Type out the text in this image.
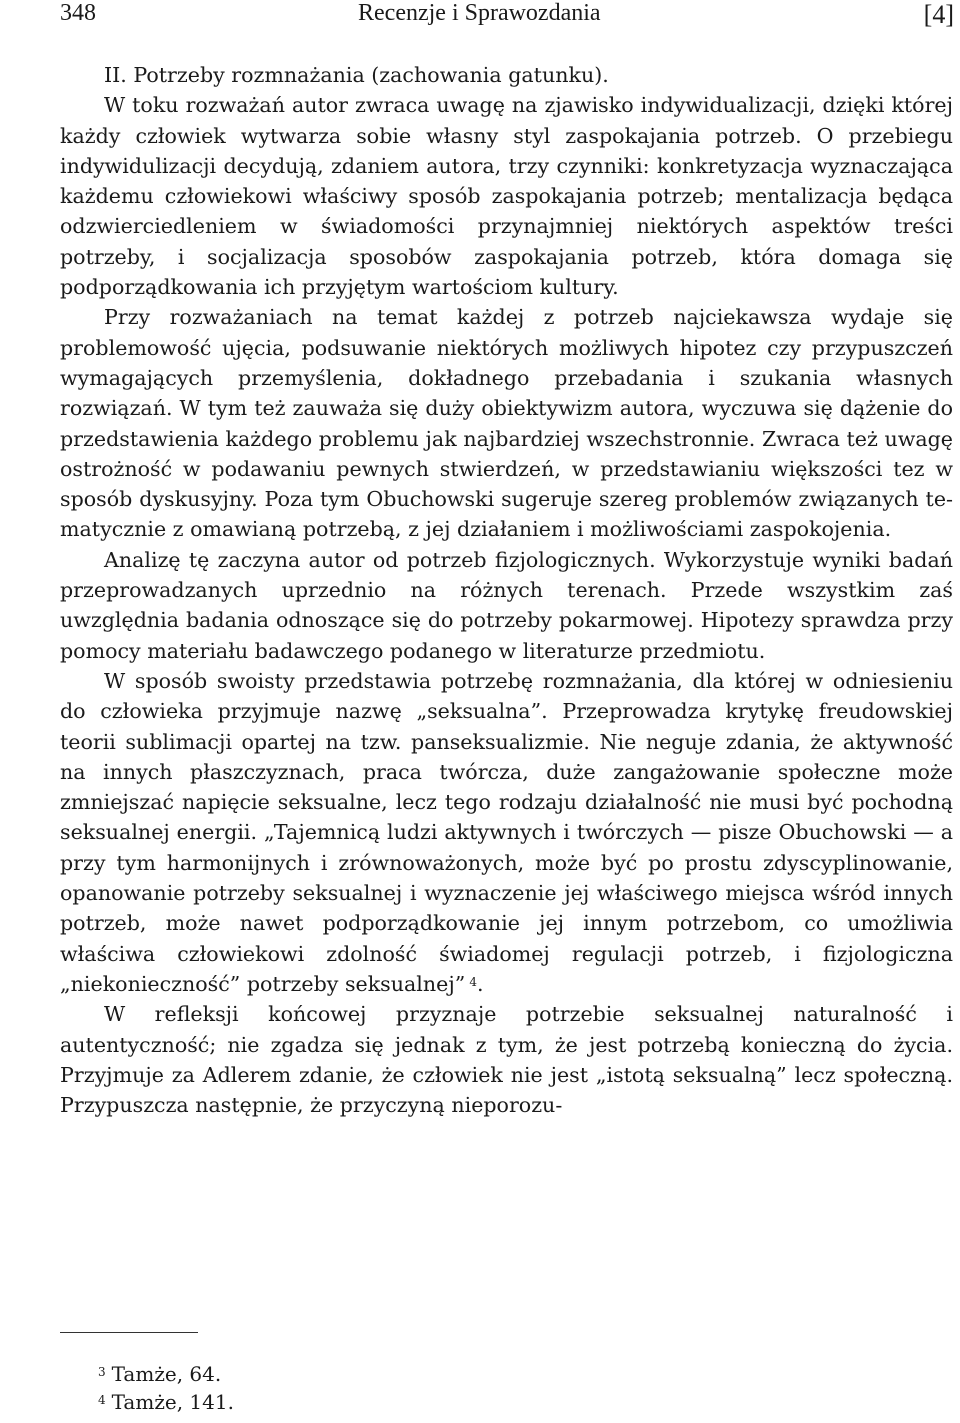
348	Recenzje i Sprawozdania	[4]

II. Potrzeby rozmnażania (zachowania gatunku).

W toku rozważań autor zwraca uwagę na zjawisko indywidualizacji, dzięki której każdy człowiek wytwarza sobie własny styl zaspokajania potrzeb. O przebiegu indywidulizacji decydują, zdaniem autora, trzy czynniki: konkretyzacja wyznaczająca każdemu człowiekowi właściwy sposób zaspokajania potrzeb; mentalizacja będąca odzwierciedleniem w świadomości przynajmniej niektórych aspektów treści potrzeby, i socjalizacja sposobów zaspokajania potrzeb, która domaga się podporządkowania ich przyjętym wartościom kultury.

Przy rozważaniach na temat każdej z potrzeb najciekawsza wydaje się problemowość ujęcia, podsuwanie niektórych możliwych hipotez czy przypuszczeń wymagających przemyślenia, dokładnego przebadania i szukania własnych rozwiązań. W tym też zauważa się duży obiektywizm autora, wyczuwa się dążenie do przedstawienia każdego problemu jak najbardziej wszechstronnie. Zwraca też uwagę ostrożność w podawaniu pewnych stwierdzeń, w przedstawianiu większości tez w sposób dyskusyjny. Poza tym Obuchowski sugeruje szereg problemów związanych tematycznie z omawianą potrzebą, z jej działaniem i możliwościami zaspokojenia.

Analizę tę zaczyna autor od potrzeb fizjologicznych. Wykorzystuje wyniki badań przeprowadzanych uprzednio na różnych terenach. Przede wszystkim zaś uwzględnia badania odnoszące się do potrzeby pokarmowej. Hipotezy sprawdza przy pomocy materiału badawczego podanego w literaturze przedmiotu.

W sposób swoisty przedstawia potrzebę rozmnażania, dla której w odniesieniu do człowieka przyjmuje nazwę „seksualna”. Przeprowadza krytykę freudowskiej teorii sublimacji opartej na tzw. panseksualizmie. Nie neguje zdania, że aktywność na innych płaszczyznach, praca twórcza, duże zangażowanie społeczne może zmniejszać napięcie seksualne, lecz tego rodzaju działalność nie musi być pochodną seksualnej energii. „Tajemnicą ludzi aktywnych i twórczych — pisze Obuchowski — a przy tym harmonijnych i zrównoważonych, może być po prostu zdyscyplinowanie, opanowanie potrzeby seksualnej i wyznaczenie jej właściwego miejsca wśród innych potrzeb, może nawet podporządkowanie jej innym potrzebom, co umożliwia właściwa człowiekowi zdolność świadomej regulacji potrzeb, i fizjologiczna „niekonieczność” potrzeby seksualnej”  $^4$.

W refleksji końcowej przyznaje potrzebie seksualnej naturalność i autentyczność; nie zgadza się jednak z tym, że jest potrzebą konieczną do życia. Przyjmuje za Adlerem zdanie, że człowiek nie jest „istotą seksualną” lecz społeczną. Przypuszcza następnie, że przyczyną nieporozu-

$^3$ Tamże, 64.
$^4$ Tamże, 141.
